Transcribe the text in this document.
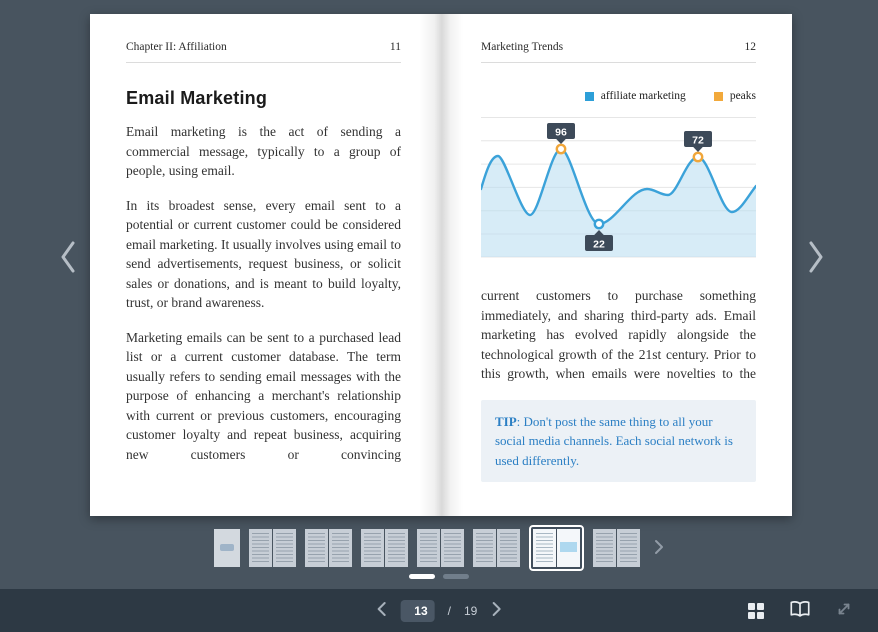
Chapter II: Affiliation	11
Email Marketing

Email marketing is the act of sending a commercial message, typically to a group of people, using email.

In its broadest sense, every email sent to a potential or current customer could be considered email marketing. It usually involves using email to send advertisements, request business, or solicit sales or donations, and is meant to build loyalty, trust, or brand awareness.

Marketing emails can be sent to a purchased lead list or a current customer database. The term usually refers to sending email messages with the purpose of enhancing a merchant's relationship with current or previous customers, encouraging customer loyalty and repeat business, acquiring new customers or convincing

Marketing Trends	12
affiliate marketing	peaks
96
22
72

current customers to purchase something immediately, and sharing third-party ads. Email marketing has evolved rapidly alongside the technological growth of the 21st century. Prior to this growth, when emails were novelties to the

TIP: Don't post the same thing to all your social media channels. Each social network is used differently.
13
/ 19
